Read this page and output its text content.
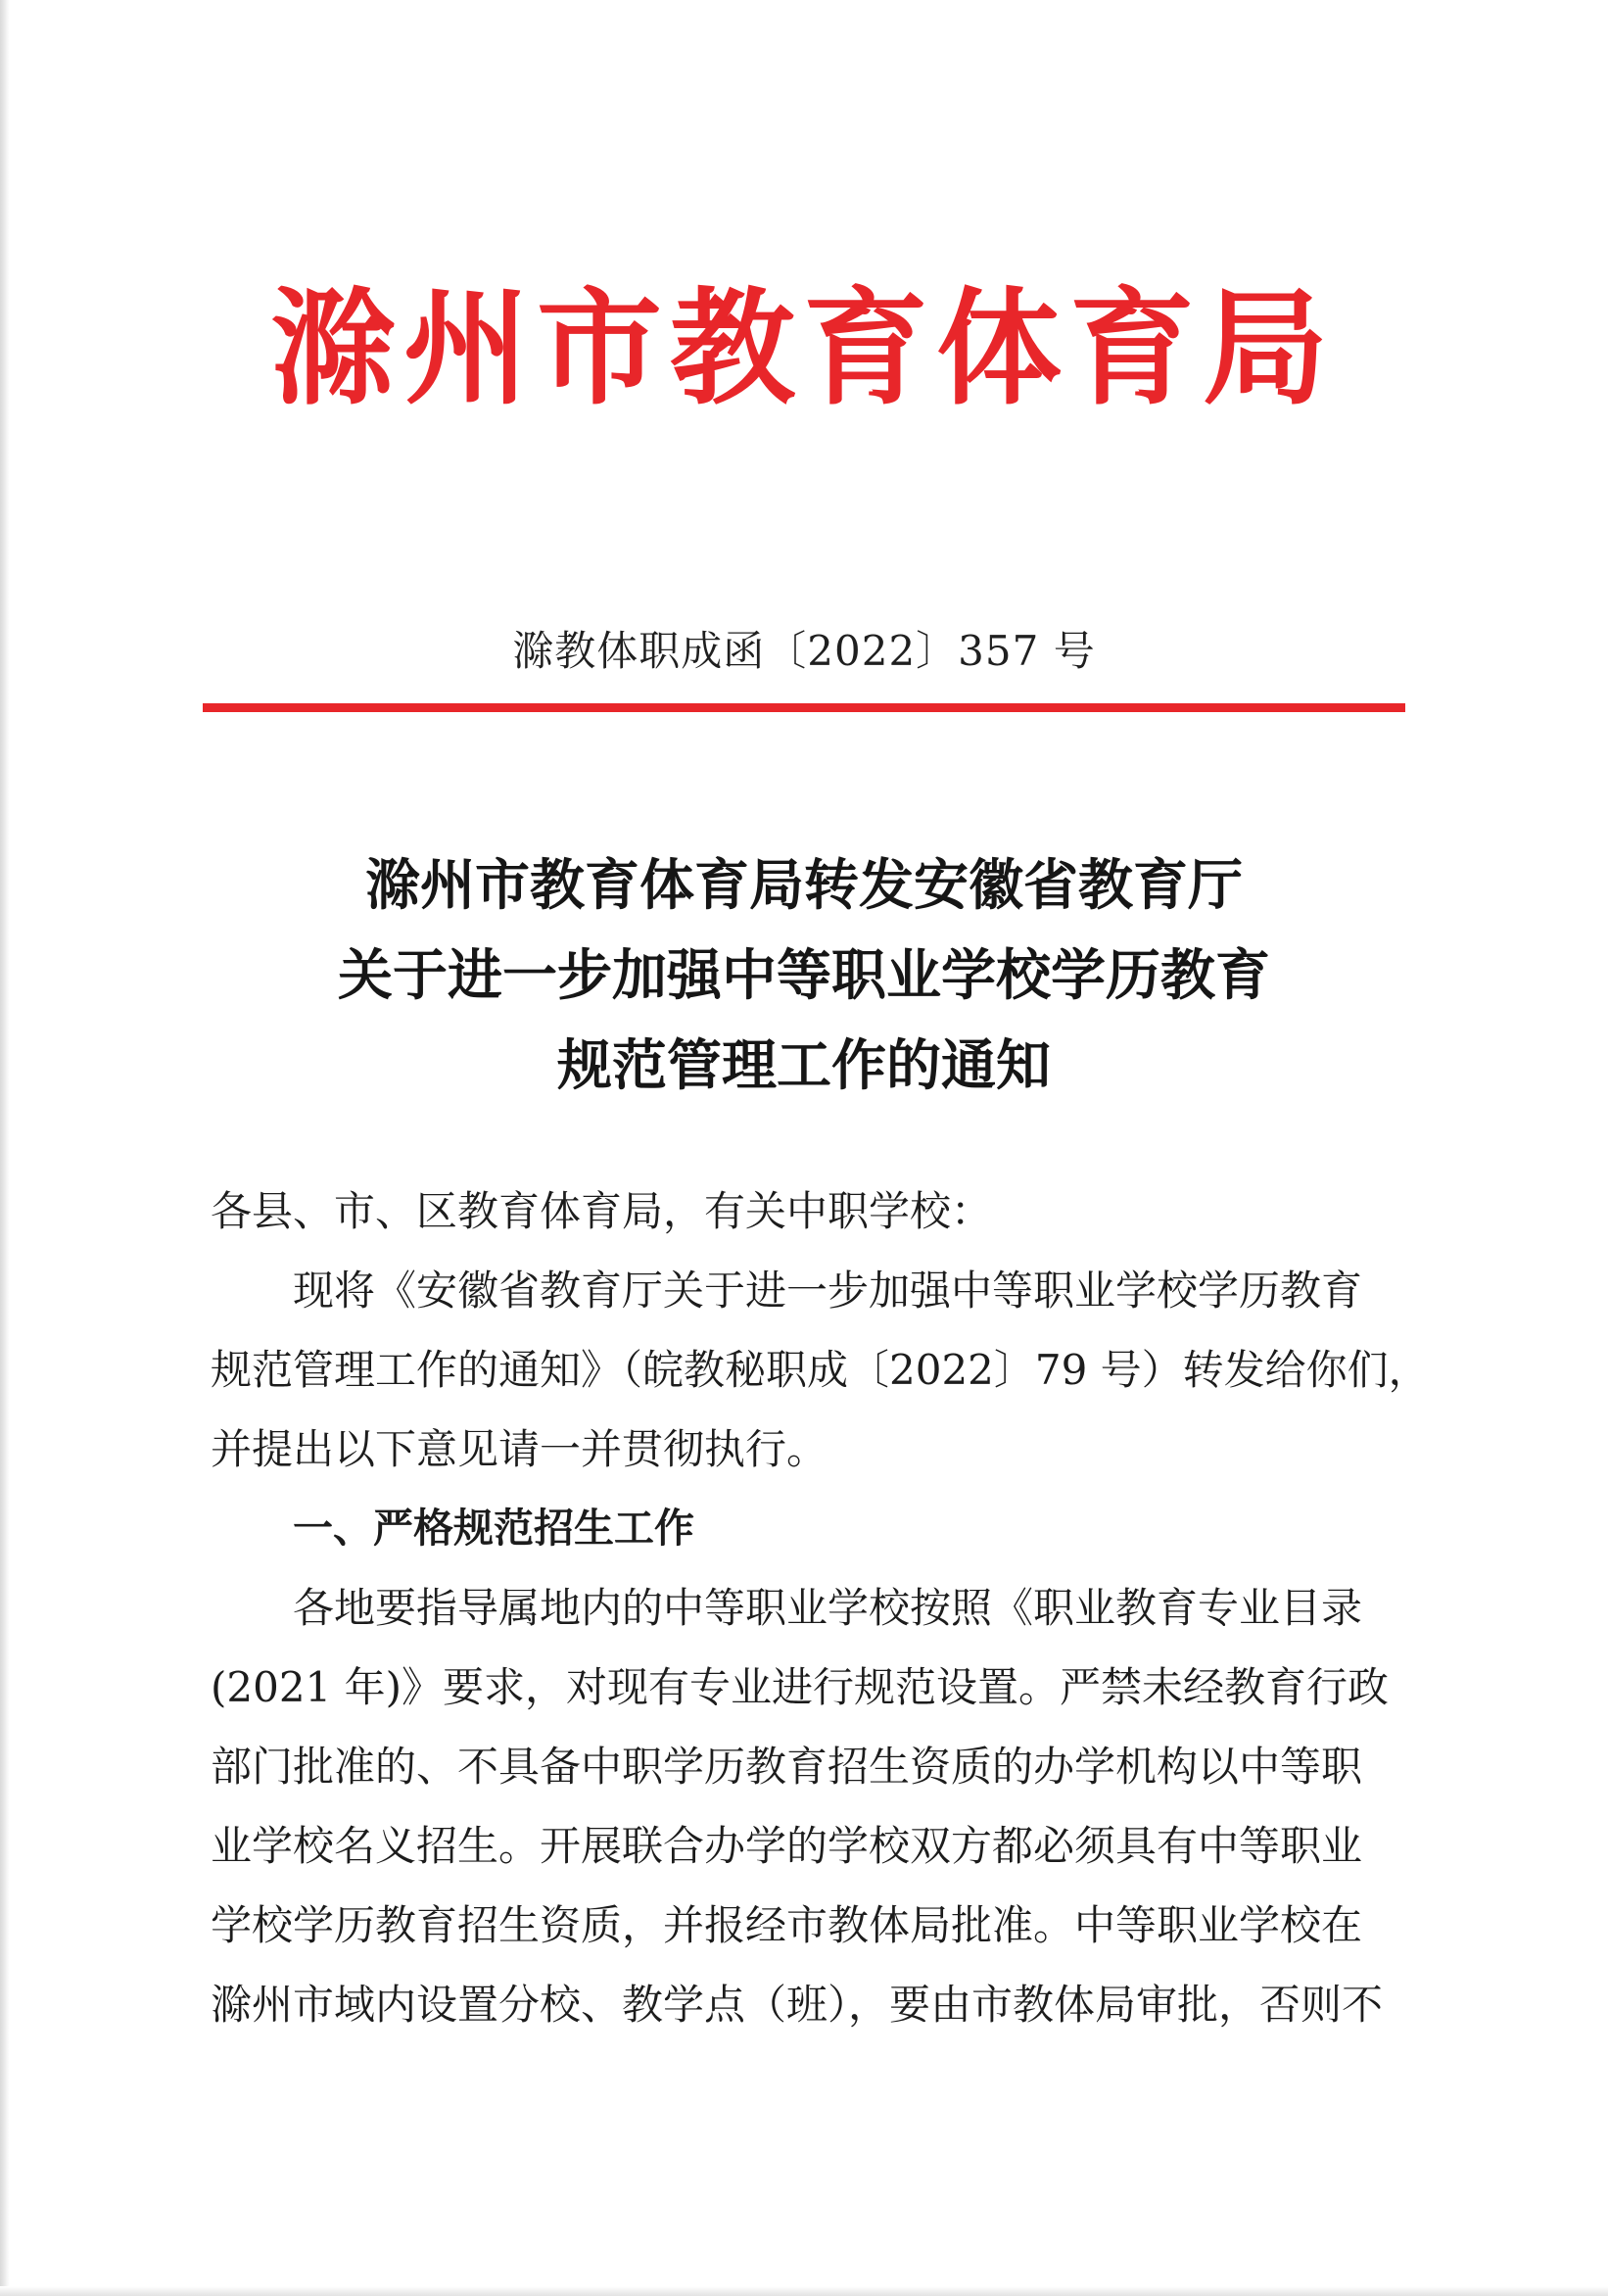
滁州市教育体育局
滁教体职成函〔2022〕357 号
滁州市教育体育局转发安徽省教育厅
关于进一步加强中等职业学校学历教育
规范管理工作的通知
各县、市、区教育体育局，有关中职学校：
现将《安徽省教育厅关于进一步加强中等职业学校学历教育
规范管理工作的通知》（皖教秘职成〔2022〕79 号）转发给你们，
并提出以下意见请一并贯彻执行。
一、严格规范招生工作
各地要指导属地内的中等职业学校按照《职业教育专业目录
(2021 年)》要求，对现有专业进行规范设置。严禁未经教育行政
部门批准的、不具备中职学历教育招生资质的办学机构以中等职
业学校名义招生。开展联合办学的学校双方都必须具有中等职业
学校学历教育招生资质，并报经市教体局批准。中等职业学校在
滁州市域内设置分校、教学点（班），要由市教体局审批，否则不
